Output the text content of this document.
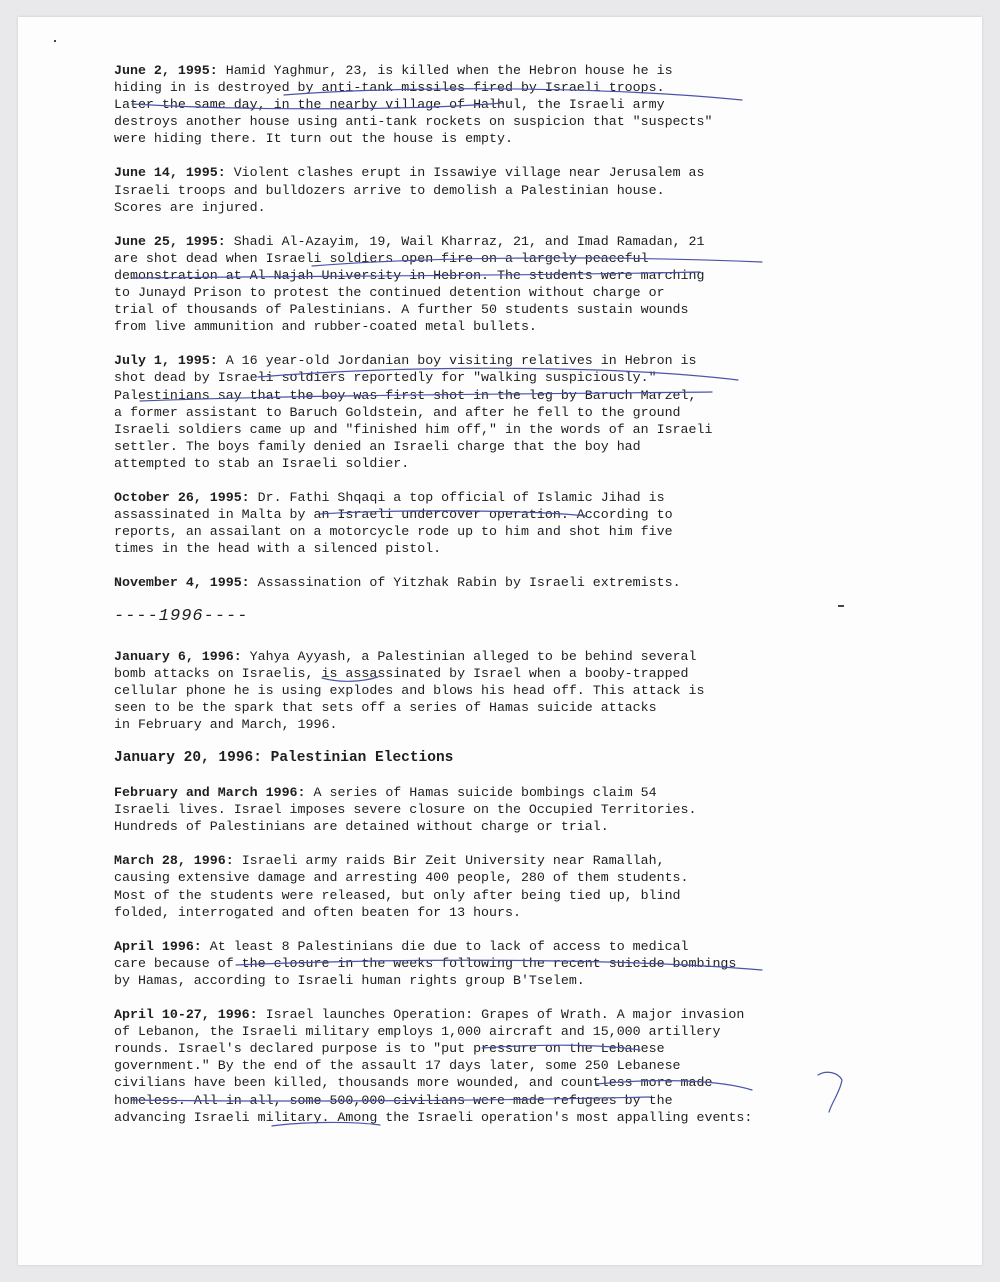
June 2, 1995: Hamid Yaghmur, 23, is killed when the Hebron house he is
hiding in is destroyed by anti-tank missiles fired by Israeli troops.
Later the same day, in the nearby village of Halhul, the Israeli army
destroys another house using anti-tank rockets on suspicion that "suspects"
were hiding there. It turn out the house is empty.

June 14, 1995: Violent clashes erupt in Issawiye village near Jerusalem as
Israeli troops and bulldozers arrive to demolish a Palestinian house.
Scores are injured.

June 25, 1995: Shadi Al-Azayim, 19, Wail Kharraz, 21, and Imad Ramadan, 21
are shot dead when Israeli soldiers open fire on a largely peaceful
demonstration at Al Najah University in Hebron. The students were marching
to Junayd Prison to protest the continued detention without charge or
trial of thousands of Palestinians. A further 50 students sustain wounds
from live ammunition and rubber-coated metal bullets.

July 1, 1995: A 16 year-old Jordanian boy visiting relatives in Hebron is
shot dead by Israeli soldiers reportedly for "walking suspiciously."
Palestinians say that the boy was first shot in the leg by Baruch Marzel,
a former assistant to Baruch Goldstein, and after he fell to the ground
Israeli soldiers came up and "finished him off," in the words of an Israeli
settler. The boys family denied an Israeli charge that the boy had
attempted to stab an Israeli soldier.

October 26, 1995: Dr. Fathi Shqaqi a top official of Islamic Jihad is
assassinated in Malta by an Israeli undercover operation. According to
reports, an assailant on a motorcycle rode up to him and shot him five
times in the head with a silenced pistol.

November 4, 1995: Assassination of Yitzhak Rabin by Israeli extremists.

----1996----

January 6, 1996: Yahya Ayyash, a Palestinian alleged to be behind several
bomb attacks on Israelis, is assassinated by Israel when a booby-trapped
cellular phone he is using explodes and blows his head off. This attack is
seen to be the spark that sets off a series of Hamas suicide attacks
in February and March, 1996.

January 20, 1996: Palestinian Elections

February and March 1996: A series of Hamas suicide bombings claim 54
Israeli lives. Israel imposes severe closure on the Occupied Territories.
Hundreds of Palestinians are detained without charge or trial.

March 28, 1996: Israeli army raids Bir Zeit University near Ramallah,
causing extensive damage and arresting 400 people, 280 of them students.
Most of the students were released, but only after being tied up, blind
folded, interrogated and often beaten for 13 hours.

April 1996: At least 8 Palestinians die due to lack of access to medical
care because of the closure in the weeks following the recent suicide bombings
by Hamas, according to Israeli human rights group B'Tselem.

April 10-27, 1996: Israel launches Operation: Grapes of Wrath. A major invasion
of Lebanon, the Israeli military employs 1,000 aircraft and 15,000 artillery
rounds. Israel's declared purpose is to "put pressure on the Lebanese
government." By the end of the assault 17 days later, some 250 Lebanese
civilians have been killed, thousands more wounded, and countless more made
homeless. All in all, some 500,000 civilians were made refugees by the
advancing Israeli military. Among the Israeli operation's most appalling events:
